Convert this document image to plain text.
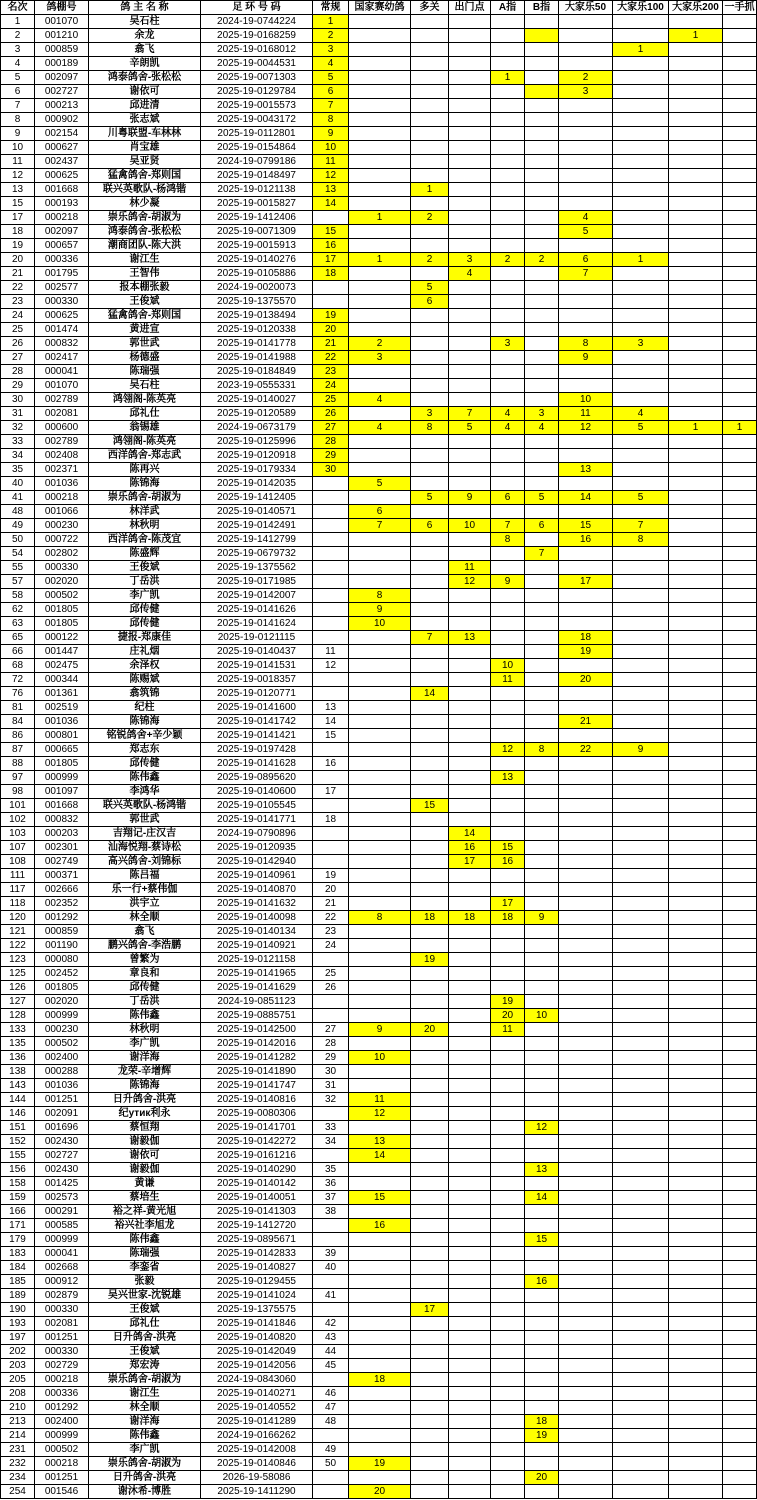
名次	鸽棚号	鸽 主 名 称	足 环 号 码	常规	国家赛幼鸽	多关	出门点	A指	B指	大家乐50	大家乐100	大家乐200	一手抓
1	001070	吴石柱	2024-19-0744224	1									
2	001210	余龙	2025-19-0168259	2								1	
3	000859	翕飞	2025-19-0168012	3							1		
4	000189	辛朗凯	2025-19-0044531	4									
5	002097	鸿泰鸽舍-张松松	2025-19-0071303	5				1		2			
6	002727	谢依可	2025-19-0129784	6						3			
7	000213	邱进清	2025-19-0015573	7									
8	000902	张志斌	2025-19-0043172	8									
9	002154	川粤联盟-车林林	2025-19-0112801	9									
10	000627	肖宝雄	2025-19-0154864	10									
11	002437	吴亚贤	2024-19-0799186	11									
12	000625	猛禽鸽舍-郑则国	2025-19-0148497	12									
13	001668	联兴英歌队-杨鸿锴	2025-19-0121138	13		1							
15	000193	林少凝	2025-19-0015827	14									
17	000218	崇乐鸽舍-胡淑为	2025-19-1412406		1	2				4			
18	002097	鸿泰鸽舍-张松松	2025-19-0071309	15						5			
19	000657	潮商团队-陈大洪	2025-19-0015913	16									
20	000336	谢江生	2025-19-0140276	17	1	2	3	2	2	6	1		
21	001795	王智伟	2025-19-0105886	18			4			7			
22	002577	报本棚张毅	2024-19-0020073			5							
23	000330	王俊斌	2025-19-1375570			6							
24	000625	猛禽鸽舍-郑则国	2025-19-0138494	19									
25	001474	黄进宣	2025-19-0120338	20									
26	000832	郭世武	2025-19-0141778	21	2			3		8	3		
27	002417	杨德盛	2025-19-0141988	22	3					9			
28	000041	陈瑞强	2025-19-0184849	23									
29	001070	吴石柱	2023-19-0555331	24									
30	002789	鸿翎阁-陈英亮	2025-19-0140027	25	4					10			
31	002081	邱礼仕	2025-19-0120589	26		3	7	4	3	11	4		
32	000600	翁锡雄	2024-19-0673179	27	4	8	5	4	4	12	5	1	1
33	002789	鸿翎阁-陈英亮	2025-19-0125996	28									
34	002408	西洋鸽舍-郑志武	2025-19-0120918	29									
35	002371	陈再兴	2025-19-0179334	30						13			
40	001036	陈锦海	2025-19-0142035		5								
41	000218	崇乐鸽舍-胡淑为	2025-19-1412405			5	9	6	5	14	5		
48	001066	林洋武	2025-19-0140571		6								
49	000230	林秋明	2025-19-0142491		7	6	10	7	6	15	7		
50	000722	西洋鸽舍-陈茂宜	2025-19-1412799					8		16	8		
54	002802	陈盛辉	2025-19-0679732						7				
55	000330	王俊斌	2025-19-1375562				11						
57	002020	丁岳洪	2025-19-0171985				12	9		17			
58	000502	李广凯	2025-19-0142007		8								
62	001805	邱传健	2025-19-0141626		9								
63	001805	邱传健	2025-19-0141624		10								
65	000122	捷报-郑康佳	2025-19-0121115			7	13			18			
66	001447	庄礼烟	2025-19-0140437	11						19			
68	002475	余泽权	2025-19-0141531	12				10					
72	000344	陈赐斌	2025-19-0018357					11		20			
76	001361	翕筑锦	2025-19-0120771			14							
81	002519	纪柱	2025-19-0141600	13									
84	001036	陈锦海	2025-19-0141742	14						21			
86	000801	铭锐鸽舍+辛少颖	2025-19-0141421	15									
87	000665	郑志东	2025-19-0197428					12	8	22	9		
88	001805	邱传健	2025-19-0141628	16									
97	000999	陈伟鑫	2025-19-0895620					13					
98	001097	李鸿华	2025-19-0140600	17									
101	001668	联兴英歌队-杨鸿锴	2025-19-0105545			15							
102	000832	郭世武	2025-19-0141771	18									
103	000203	吉翔记-庄汉吉	2024-19-0790896				14						
107	002301	汕海悦翔-蔡诗松	2025-19-0120935				16	15					
108	002749	高兴鸽舍-刘锦标	2025-19-0142940				17	16					
111	000371	陈吕福	2025-19-0140961	19									
117	002666	乐一行+蔡伟伽	2025-19-0140870	20									
118	002352	洪宇立	2025-19-0141632	21				17					
120	001292	林全顺	2025-19-0140098	22	8	18	18	18	9				
121	000859	翕飞	2025-19-0140134	23									
122	001190	鹏兴鸽舍-李浩鹏	2025-19-0140921	24									
123	000080	曾繁为	2025-19-0121158			19							
125	002452	章良和	2025-19-0141965	25									
126	001805	邱传健	2025-19-0141629	26									
127	002020	丁岳洪	2024-19-0851123					19					
128	000999	陈伟鑫	2025-19-0885751					20	10				
133	000230	林秋明	2025-19-0142500	27	9	20		11					
135	000502	李广凯	2025-19-0142016	28									
136	002400	谢洋海	2025-19-0141282	29	10								
138	000288	龙荣-辛增辉	2025-19-0141890	30									
143	001036	陈锦海	2025-19-0141747	31									
144	001251	日升鸽舍-洪亮	2025-19-0140816	32	11								
146	002091	纪утик利永	2025-19-0080306		12								
151	001696	蔡恒翔	2025-19-0141701	33					12				
152	002430	谢毅伽	2025-19-0142272	34	13								
155	002727	谢依可	2025-19-0161216		14								
156	002430	谢毅伽	2025-19-0140290	35					13				
158	001425	黄谦	2025-19-0140142	36									
159	002573	蔡培生	2025-19-0140051	37	15				14				
166	000291	裕之祥-黄光旭	2025-19-0141303	38									
171	000585	裕兴社李旭龙	2025-19-1412720		16								
179	000999	陈伟鑫	2025-19-0895671						15				
183	000041	陈瑞强	2025-19-0142833	39									
184	002668	李銮省	2025-19-0140827	40									
185	000912	张毅	2025-19-0129455						16				
189	002879	吴兴世家-沈锐雄	2025-19-0141024	41									
190	000330	王俊斌	2025-19-1375575			17							
193	002081	邱礼仕	2025-19-0141846	42									
197	001251	日升鸽舍-洪亮	2025-19-0140820	43									
202	000330	王俊斌	2025-19-0142049	44									
203	002729	郑宏涛	2025-19-0142056	45									
205	000218	崇乐鸽舍-胡淑为	2024-19-0843060		18								
208	000336	谢江生	2025-19-0140271	46									
210	001292	林全顺	2025-19-0140552	47									
213	002400	谢洋海	2025-19-0141289	48					18				
214	000999	陈伟鑫	2024-19-0166262						19				
231	000502	李广凯	2025-19-0142008	49									
232	000218	崇乐鸽舍-胡淑为	2025-19-0140846	50	19								
234	001251	日升鸽舍-洪亮	2026-19-58086						20				
254	001546	谢沐希-博胜	2025-19-1411290		20								
